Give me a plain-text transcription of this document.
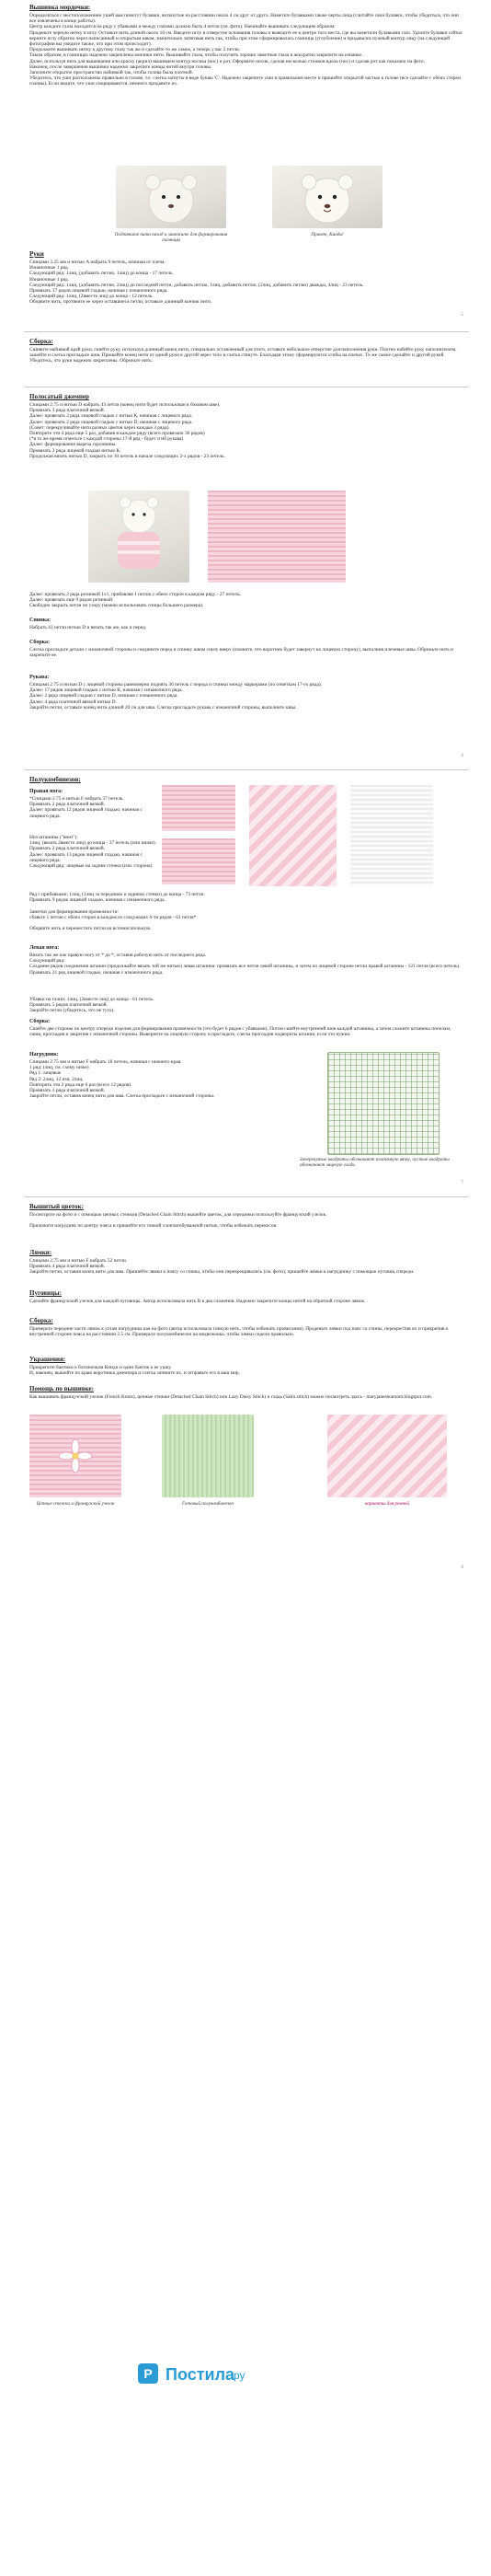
Вышивка мордочки:

Определяться с местоположением ушей вам помогут булавки, воткнутые на расстоянии около 4 см друг от друга. Наметьте булавками также черты лица (считайте свои булавки, чтобы убедиться, что они все извлечены в конце работы).
Центр каждого глаза находится на ряду с убавками и между глазами должно быть 4 петли (см. фото). Начинайте вышивать следующим образом:
Проденьте черную нитку в иглу. Оставьте нить длиной около 10 см. Введите иглу в отверстие основания головы и выведите ее в центре того места, где вы наметили булавками глаз. Удалите булавки сейчас верните иглу обратно через написанный и открытым швом, значительно затягивая нить так, чтобы при этом сформировалась глазница (углубление) и придавался нужный контур лицу (на следующей фотографии вы увидите также, что при этом происходит).
Продолжите вышивать нитку к другому глазу так же и сделайте то же самое, а теперь у вас 2 петли.
Таким образом, в глазницах надежно закреплены кончики нити. Вышивайте глаза, чтобы получить хорошо заметные глаза и аккуратно закрепите на изнанке.
Далее, используя нить для вышивания или краску (акрил) вышиваем контур носика (нос) и рот. Оформите носик, сделав несколько стежков вдоль (нос) и сделав рот как показано на фото.
Наконец, после завершения вышивки надежно закрепите концы нитей внутри головы.
Заполните открытое пространство набивкой так, чтобы голова была плотной.
Убедитесь, что уши расположены правильно в голове, т.е. слегка загнуты в виде буквы 'C'. Надежно закрепите уши в правильном месте и пришейте открытой частью к голове (все сделайте с обеих сторон головы). Если видите, что уши сморщиваются, немного придавите их.

Подтяните нити назад и завяжите для формирования глазницы
Привет, Кинди!
Руки

Спицами 3.25 мм и нитью A набрать 9 петель, начиная от плеча.
Изнаночные 1 ряд.
Следующий ряд: 1лиц, (добавить петлю, 1лиц) до конца - 17 петель.
Изнаночные 1 ряд.
Следующий ряд: 1лиц, (добавить петлю, 2лиц) до последней петли, добавить петлю, 1лиц, добавить петлю, (2лиц, добавить петлю) дважды, 4лиц - 23 петель.
Провязать 37 рядов лицевой гладью, начиная с изнаночного ряда.
Следующий ряд: 1лиц, (2вместе лиц) до конца - 12 петель.
Оборвите нить, протяните ее через оставшиеся петли, оставьте длинный кончик нити.

5
Сборка:

Сшивите набивкой край руки, сшейте руку, используя длинный конец нити, специально оставленный для этого, оставьте небольшое отверстие для наполнения руки. Плотно набейте руку наполнителем, зашейте и слегка прогладьте шов. Пришейте конец нити от одной руки к другой через тело в слегка стянуте. Благодаря этому сформируются сгибы на плечах. То же самое сделайте и другой рукой. Убедитесь, что руки надежно закреплены. Обрежьте нить.

Полосатый джемпер

Спицами 2.75 и нитью D набрать 43 петли (конец нити будет использован в боковом шве).
Провязать 3 ряда платочной вязкой.
Далее: провязать 2 ряда лицевой гладью с нитью К, начиная с лицевого ряда.
Далее: провязать 2 ряда лицевой гладью с нитью D, начиная с лицевого ряда.
(Совет: перекручивайте нити разных цветов через каждые 3 ряда).
Повторите эти 4 ряда еще 5 раз, добавив в каждом ряду (всего провязано 36 рядов)
(*в то же время отметьте с каждой стороны 17-й ряд - будет сгиб рукава)
Далее: формирование выреза горловины.
Провязать 2 ряда лицевой гладью нитью К.
Продолжая вязать нитью D, закрыть по 10 петель в начале следующих 2-х рядов - 23 петель.

Далее: провязать 2 ряда резинкой 1x1, прибавляя 1 петлю с обеих сторон в каждом ряду - 27 петель.
Далее: провязать еще 9 рядов резинкой.
Свободно закрыть петли по узору (можно использовать спицы большего размера).

Спинка:

Набрать 43 петли нитью D и вязать так же, как и перед.

Сборка:

Слегка прогладьте детали с изнаночной стороны и соедините перед и спинку швом снизу вверх (помните, что воротник будет завернут на лицевую сторону), выполнив плечевые швы. Обрежьте нить и закрепите ее.

Рукава:

Спицами 2.75 и нитью D с лицевой стороны равномерно поднять 36 петель с переда и спинки между маркерами (по отметкам 17-го ряда).
Далее: 17 рядов лицевой гладью с нитью К, начиная с изнаночного ряда.
Далее: 2 ряда лицевой гладью с нитью D, начиная с изнаночного ряда.
Далее: 4 ряда платочной вязкой нитью D.
Закройте петли, оставьте конец нити длиной 20 см для шва. Слегка прогладьте рукава с изнаночной стороны, выполните швы.

6
Полукомбинезон:
Правая нога:

*Спицами 2.75 и нитью F набрать 37 петель.
Провязать 2 ряда платочной вязкой.
Далее: провязать 12 рядов лицевой гладью, начиная с лицевого ряда.

Низ штанины ("вниз"):
1лиц, (вязать 2вместе лиц) до конца - 37 петель (или иначе).
Провязать 2 ряда платочной вязкой.
Далее: провязать 13 рядов лицевой гладью, начиная с лицевого ряда.
Следующий ряд: лицевые на задние стенки (изн. сторона)

Ряд с прибавками: 1лиц, (1лиц за переднюю и заднюю стенки) до конца - 73 петли.
Провязать 9 рядов лицевой гладью, начиная с изнаночного ряда.

Заметки для формирования промежности:
сбавьте 1 петлю с обеих сторон в каждом из следующих 6-ти рядов - 61 петля*

Оборвите нить и переместите петли на вспомогательную.

Левая нога:

Вязать так же как правую ногу от * до *, оставив рабочую нить от последнего ряда.
Следующий ряд:
Создание рядов соединения штанин (продолжайте вязать той же нитью) левая штанина: провязать все петли левой штанины, и затем по лицевой стороне петли правой штанины - 121 петля (всего петель).
Провязать 21 ряд лицевой гладью, начиная с изнаночного ряда.

Убавки на талии: 1лиц, (2вместе лиц) до конца - 61 петель.
Провязать 5 рядов платочной вязкой.
Закройте петли (убедитесь, что не туго).

Сборка:

Сшейте две стороны по центру спереди изделия для формирования промежности (это будет 6 рядов с убавками). Потом сшейте внутренний шов каждой штанины, а затем сложите штанины пополам, сшив, прогладив и закрепив с изнаночной стороны. Выверните на лицевую сторону и прогладьте, слегка прогладив подвороты штанин, если это нужно.

Нагрудник:

Спицами 2.75 мм и нитью F набрать 18 петель, начиная с нижнего края.
1 ряд: (лиц, см. схему ниже)
Ряд 1: лицевые
Ряд 2: 2лиц, 12 изн, 2лиц.
Повторить эти 2 ряда еще 6 раз (всего 12 рядов).
Провязать 3 ряда платочной вязкой.
Закройте петли, оставив конец нити для шва. Слегка прогладьте с изнаночной стороны.

Зачеркнутые квадраты обозначают платочную вязку, пустые квадраты обозначают лицевую гладь.
7
Вышитый цветок:

Посмотрите на фото и с помощью цепных стежков (Detached Chain Stitch) вышейте цветок, для серединки используйте французский узелок.

Приложите нагрудник по центру пояса и пришейте его тонкой хлопчатобумажной нитью, чтобы избежать перекосов.

Лямки:

Спицами 2.75 мм и нитью F набрать 52 петли.
Провязать 4 ряда платочной вязкой.
Закройте петли, оставив конец нити для шва. Пришейте лямки к поясу со спины, чтобы они перекрещивались (см. фото), пришейте лямки к нагруднику с помощью пуговиц спереди.

Пуговицы:

Сделайте французский узелок для каждой пуговицы. Автор использовала нить B в два сложения. Надежно закрепите концы нитей на обратной стороне лямок.

Сборка:

Примерьте передние части лямок к углам нагрудника как на фото (автор использовала тонкую нить, чтобы избежать провисания). Проденьте лямки под пояс со спины, перекрестив их и прикрепив к внутренней стороне пояса на расстоянии 2.5 см. Примерьте полукомбинезон на медвежонка, чтобы лямки сидели правильно.

Украшения:

Прикрепите бантики к ботиночкам Кинди и один бантик к ее ушку.
И, наконец, вышейте по краю воротника джемпера и слегка затяните их, и отправьте его в ваш мир.

Помощь по вышивке:

Как вышивать французский узелок (French Knots), цепные стежки (Detached Chain Stitch) или Lazy Daisy Stitch) и гладь (Satin stitch) можно посмотреть здесь - maryjanestearoom.blogspot.com.

Цепные стежки и французский узелок	Готовый полукомбинезон	варианты для ремней
8
P Постила
ру
